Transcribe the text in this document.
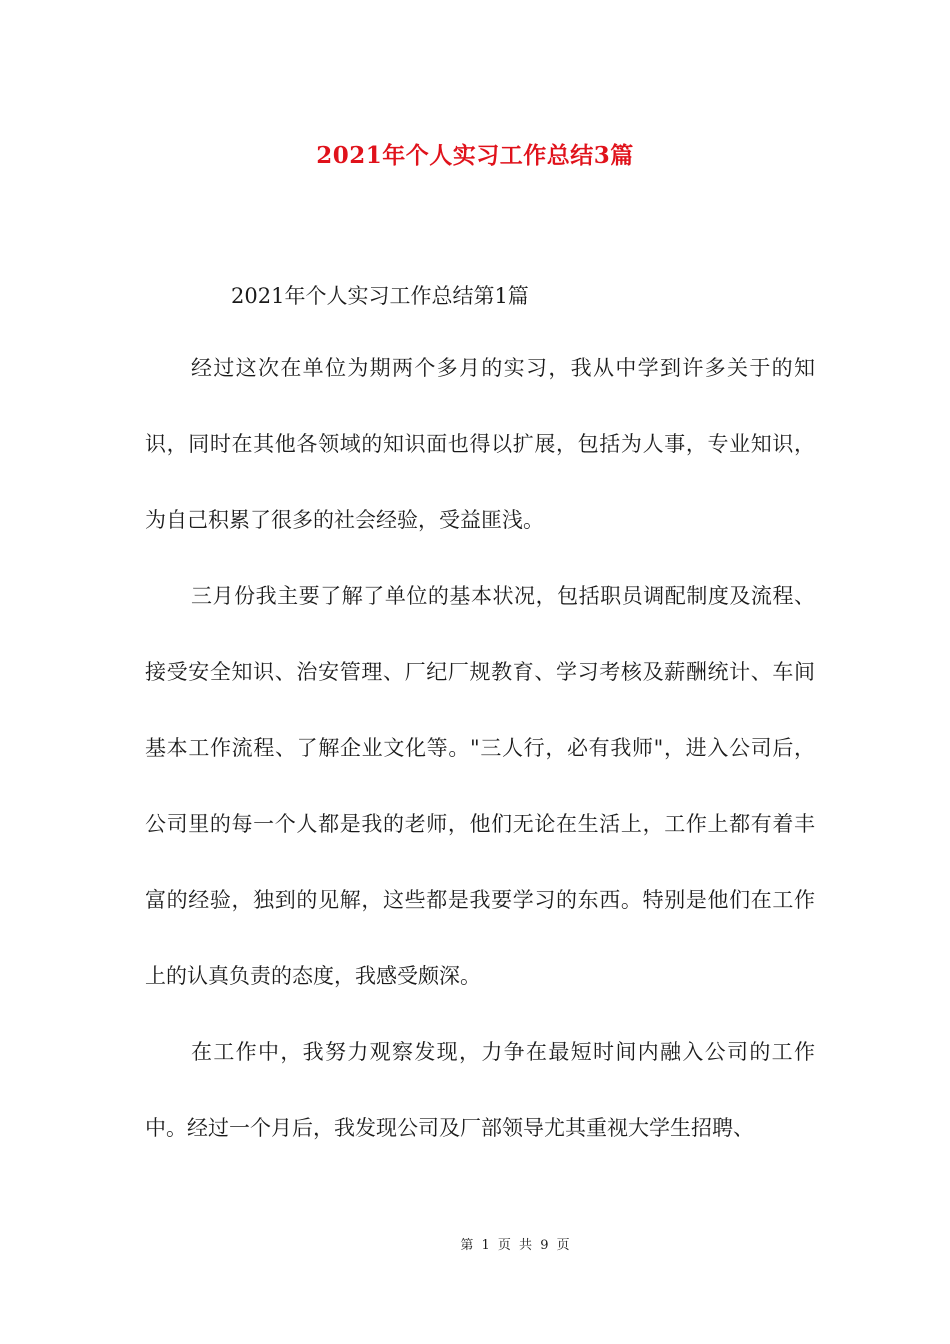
2021年个人实习工作总结3篇
2021年个人实习工作总结第1篇

经过这次在单位为期两个多月的实习，我从中学到许多关于的知识，同时在其他各领域的知识面也得以扩展，包括为人事，专业知识，为自己积累了很多的社会经验，受益匪浅。

三月份我主要了解了单位的基本状况，包括职员调配制度及流程、接受安全知识、治安管理、厂纪厂规教育、学习考核及薪酬统计、车间基本工作流程、了解企业文化等。"三人行，必有我师"，进入公司后，公司里的每一个人都是我的老师，他们无论在生活上，工作上都有着丰富的经验，独到的见解，这些都是我要学习的东西。特别是他们在工作上的认真负责的态度，我感受颇深。

在工作中，我努力观察发现，力争在最短时间内融入公司的工作中。经过一个月后，我发现公司及厂部领导尤其重视大学生招聘、

第 1 页 共 9 页
